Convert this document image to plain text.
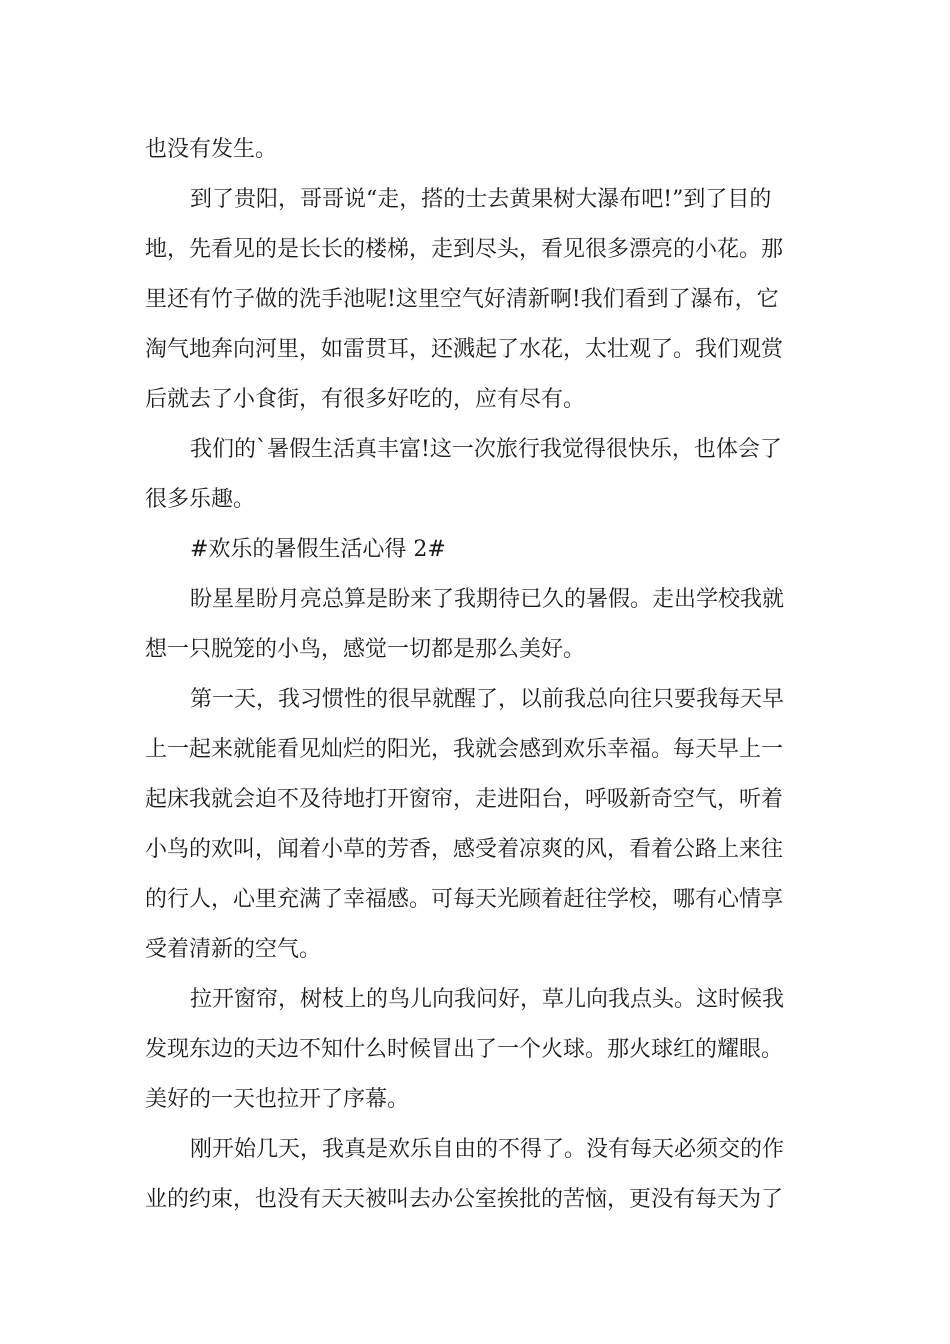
也没有发生。
到了贵阳，哥哥说“走，搭的士去黄果树大瀑布吧!”到了目的
地，先看见的是长长的楼梯，走到尽头，看见很多漂亮的小花。那
里还有竹子做的洗手池呢!这里空气好清新啊!我们看到了瀑布，它
淘气地奔向河里，如雷贯耳，还溅起了水花，太壮观了。我们观赏
后就去了小食街，有很多好吃的，应有尽有。
我们的`暑假生活真丰富!这一次旅行我觉得很快乐，也体会了
很多乐趣。
#欢乐的暑假生活心得 2#
盼星星盼月亮总算是盼来了我期待已久的暑假。走出学校我就
想一只脱笼的小鸟，感觉一切都是那么美好。
第一天，我习惯性的很早就醒了，以前我总向往只要我每天早
上一起来就能看见灿烂的阳光，我就会感到欢乐幸福。每天早上一
起床我就会迫不及待地打开窗帘，走进阳台，呼吸新奇空气，听着
小鸟的欢叫，闻着小草的芳香，感受着凉爽的风，看着公路上来往
的行人，心里充满了幸福感。可每天光顾着赶往学校，哪有心情享
受着清新的空气。
拉开窗帘，树枝上的鸟儿向我问好，草儿向我点头。这时候我
发现东边的天边不知什么时候冒出了一个火球。那火球红的耀眼。
美好的一天也拉开了序幕。
刚开始几天，我真是欢乐自由的不得了。没有每天必须交的作
业的约束，也没有天天被叫去办公室挨批的苦恼，更没有每天为了
